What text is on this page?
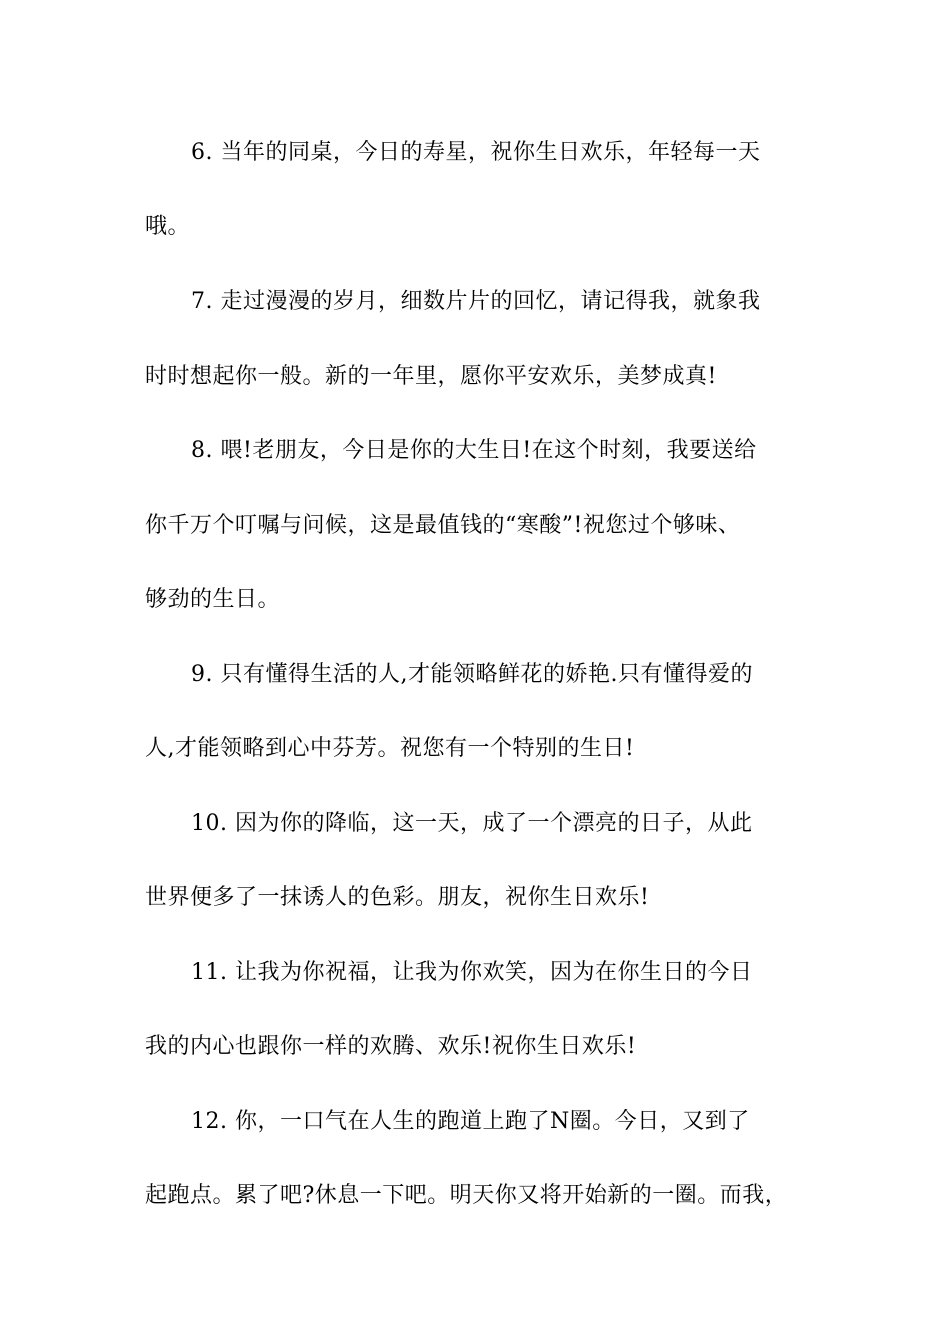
6. 当年的同桌，今日的寿星，祝你生日欢乐，年轻每一天
哦。
7. 走过漫漫的岁月，细数片片的回忆，请记得我，就象我
时时想起你一般。新的一年里，愿你平安欢乐，美梦成真!
8. 喂!老朋友，今日是你的大生日!在这个时刻，我要送给
你千万个叮嘱与问候，这是最值钱的“寒酸”!祝您过个够味、
够劲的生日。
9. 只有懂得生活的人,才能领略鲜花的娇艳.只有懂得爱的
人,才能领略到心中芬芳。祝您有一个特别的生日!
10. 因为你的降临，这一天，成了一个漂亮的日子，从此
世界便多了一抹诱人的色彩。朋友，祝你生日欢乐!
11. 让我为你祝福，让我为你欢笑，因为在你生日的今日
我的内心也跟你一样的欢腾、欢乐!祝你生日欢乐!
12. 你，一口气在人生的跑道上跑了N圈。今日，又到了
起跑点。累了吧?休息一下吧。明天你又将开始新的一圈。而我，
